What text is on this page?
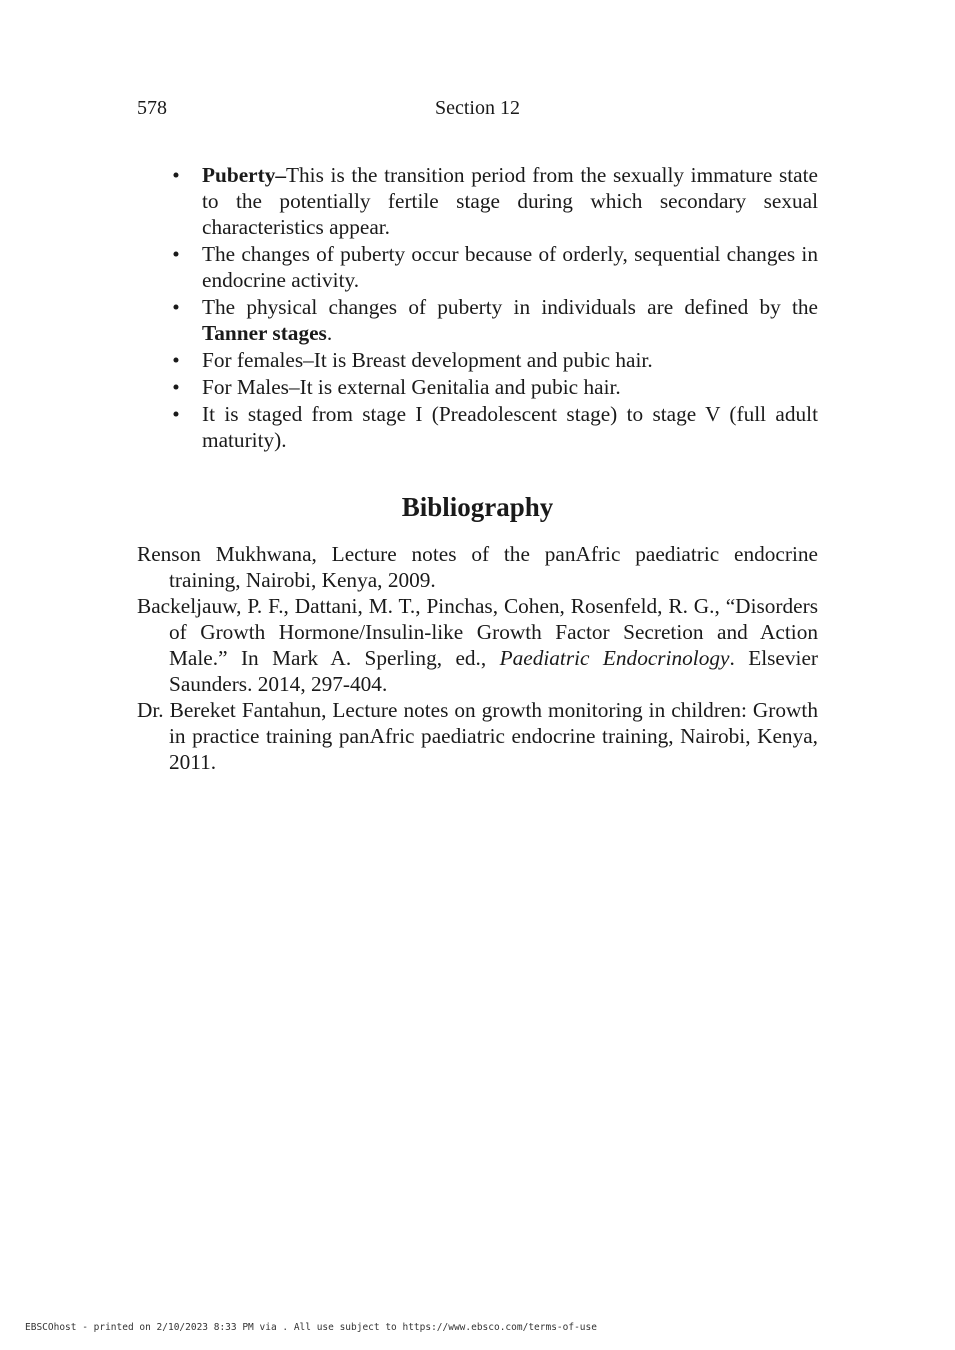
578	Section 12
• Puberty–This is the transition period from the sexually immature state to the potentially fertile stage during which secondary sexual characteristics appear.
• The changes of puberty occur because of orderly, sequential changes in endocrine activity.
• The physical changes of puberty in individuals are defined by the Tanner stages.
• For females–It is Breast development and pubic hair.
• For Males–It is external Genitalia and pubic hair.
• It is staged from stage I (Preadolescent stage) to stage V (full adult maturity).
Bibliography
Renson Mukhwana, Lecture notes of the panAfric paediatric endocrine training, Nairobi, Kenya, 2009.
Backeljauw, P. F., Dattani, M. T., Pinchas, Cohen, Rosenfeld, R. G., “Disorders of Growth Hormone/Insulin-like Growth Factor Secretion and Action Male.” In Mark A. Sperling, ed., Paediatric Endocrinology. Elsevier Saunders. 2014, 297-404.
Dr. Bereket Fantahun, Lecture notes on growth monitoring in children: Growth in practice training panAfric paediatric endocrine training, Nairobi, Kenya, 2011.
EBSCOhost - printed on 2/10/2023 8:33 PM via . All use subject to https://www.ebsco.com/terms-of-use
